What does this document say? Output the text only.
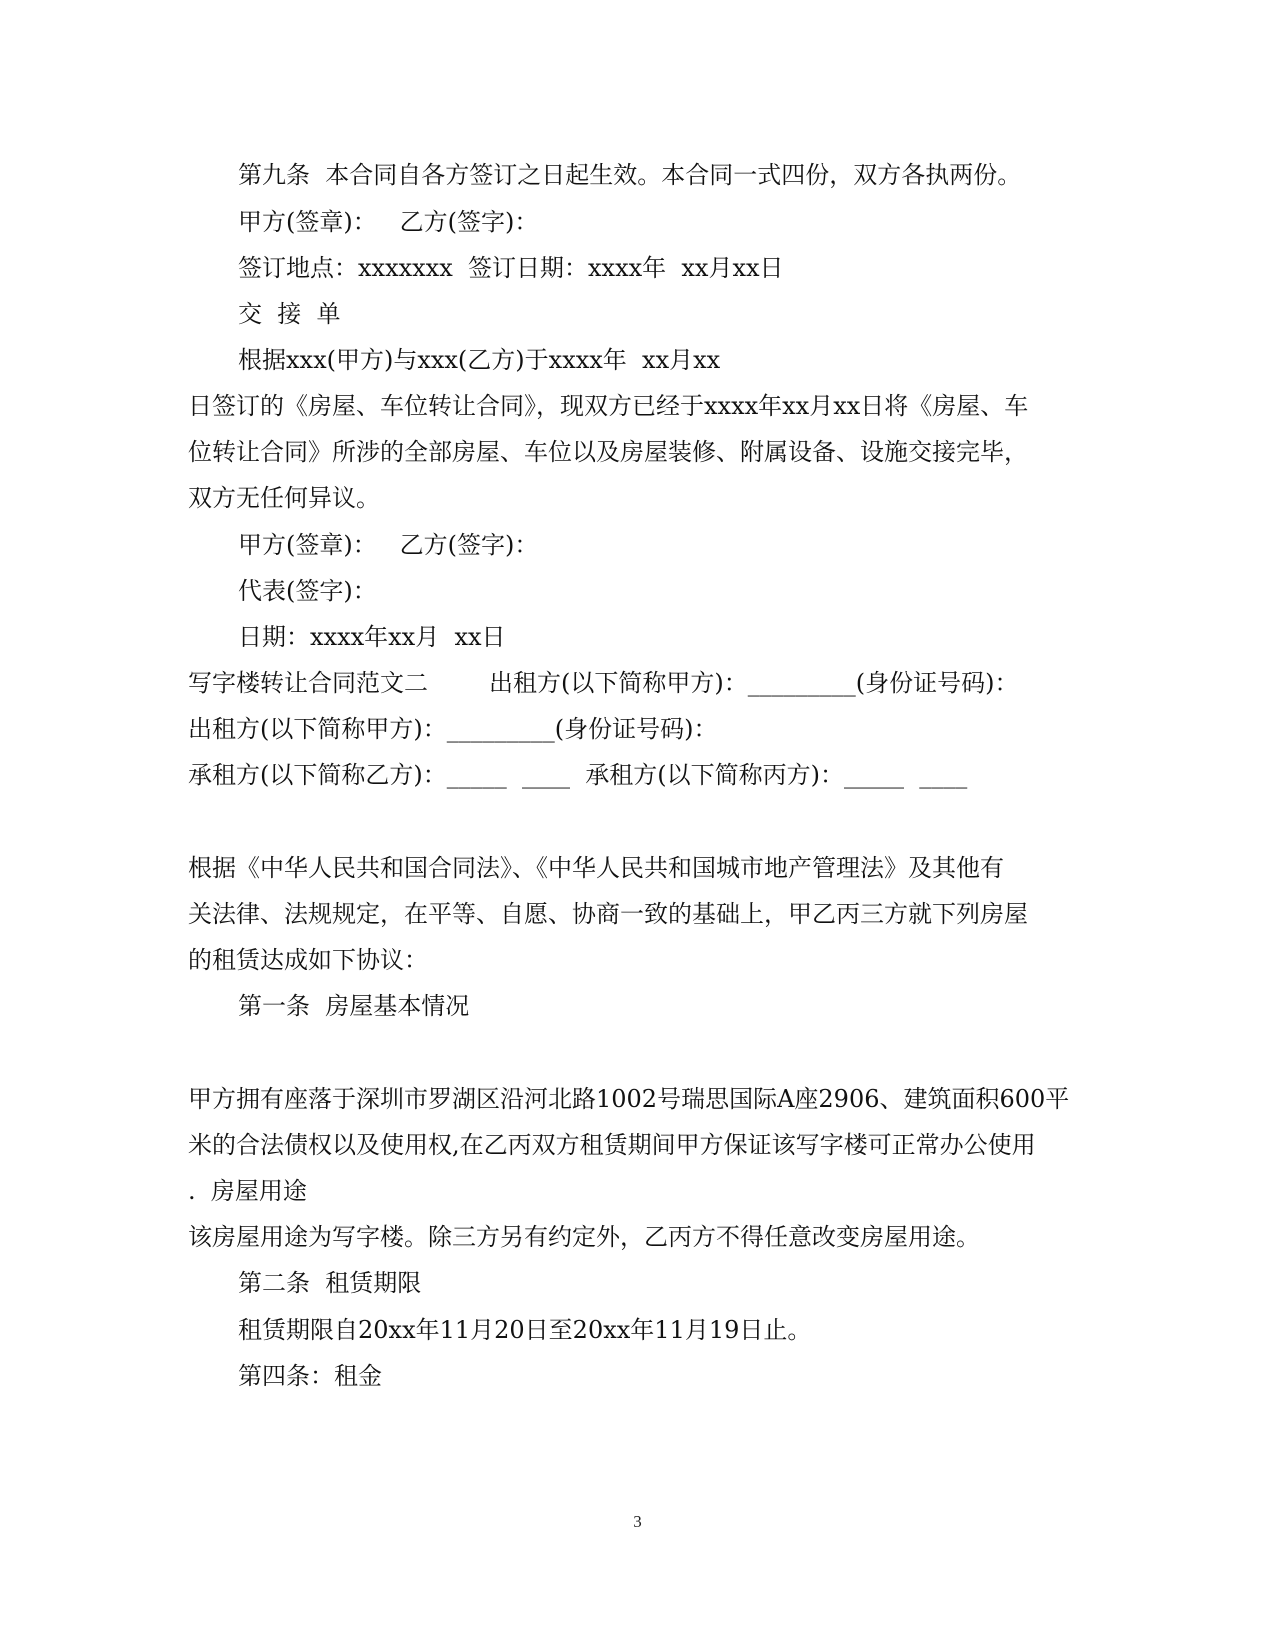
第九条  本合同自各方签订之日起生效。本合同一式四份，双方各执两份。

甲方(签章)：   乙方(签字)：

签订地点：xxxxxxx  签订日期：xxxx年  xx月xx日

交  接  单

根据xxx(甲方)与xxx(乙方)于xxxx年  xx月xx

日签订的《房屋、车位转让合同》，现双方已经于xxxx年xx月xx日将《房屋、车

位转让合同》所涉的全部房屋、车位以及房屋装修、附属设备、设施交接完毕，

双方无任何异议。

甲方(签章)：   乙方(签字)：

代表(签字)：

日期：xxxx年xx月  xx日

写字楼转让合同范文二        出租方(以下简称甲方)：_________(身份证号码)：

出租方(以下简称甲方)：_________(身份证号码)：

承租方(以下简称乙方)：_____  ____  承租方(以下简称丙方)：_____  ____

根据《中华人民共和国合同法》、《中华人民共和国城市地产管理法》及其他有

关法律、法规规定，在平等、自愿、协商一致的基础上，甲乙丙三方就下列房屋

的租赁达成如下协议：

第一条  房屋基本情况

甲方拥有座落于深圳市罗湖区沿河北路1002号瑞思国际A座2906、建筑面积600平

米的合法债权以及使用权,在乙丙双方租赁期间甲方保证该写字楼可正常办公使用

.  房屋用途

该房屋用途为写字楼。除三方另有约定外，乙丙方不得任意改变房屋用途。

第二条  租赁期限

租赁期限自20xx年11月20日至20xx年11月19日止。

第四条：租金

3
